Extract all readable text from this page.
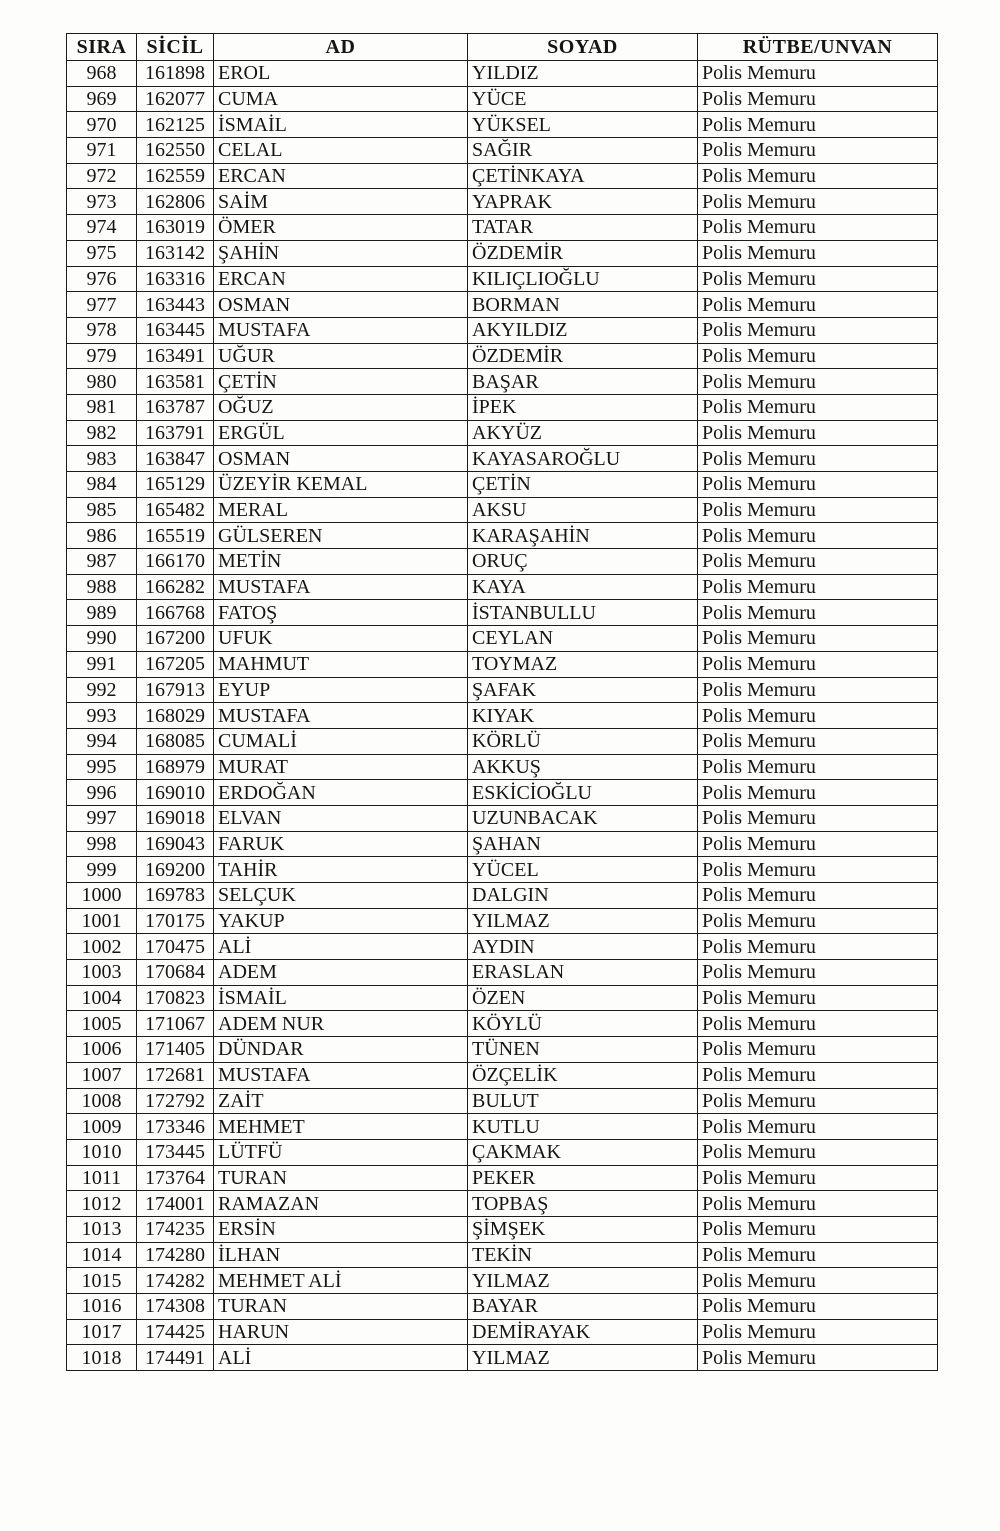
SIRA	SİCİL	AD	SOYAD	RÜTBE/UNVAN
968	161898	EROL	YILDIZ	Polis Memuru
969	162077	CUMA	YÜCE	Polis Memuru
970	162125	İSMAİL	YÜKSEL	Polis Memuru
971	162550	CELAL	SAĞIR	Polis Memuru
972	162559	ERCAN	ÇETİNKAYA	Polis Memuru
973	162806	SAİM	YAPRAK	Polis Memuru
974	163019	ÖMER	TATAR	Polis Memuru
975	163142	ŞAHİN	ÖZDEMİR	Polis Memuru
976	163316	ERCAN	KILIÇLIOĞLU	Polis Memuru
977	163443	OSMAN	BORMAN	Polis Memuru
978	163445	MUSTAFA	AKYILDIZ	Polis Memuru
979	163491	UĞUR	ÖZDEMİR	Polis Memuru
980	163581	ÇETİN	BAŞAR	Polis Memuru
981	163787	OĞUZ	İPEK	Polis Memuru
982	163791	ERGÜL	AKYÜZ	Polis Memuru
983	163847	OSMAN	KAYASAROĞLU	Polis Memuru
984	165129	ÜZEYİR KEMAL	ÇETİN	Polis Memuru
985	165482	MERAL	AKSU	Polis Memuru
986	165519	GÜLSEREN	KARAŞAHİN	Polis Memuru
987	166170	METİN	ORUÇ	Polis Memuru
988	166282	MUSTAFA	KAYA	Polis Memuru
989	166768	FATOŞ	İSTANBULLU	Polis Memuru
990	167200	UFUK	CEYLAN	Polis Memuru
991	167205	MAHMUT	TOYMAZ	Polis Memuru
992	167913	EYUP	ŞAFAK	Polis Memuru
993	168029	MUSTAFA	KIYAK	Polis Memuru
994	168085	CUMALİ	KÖRLÜ	Polis Memuru
995	168979	MURAT	AKKUŞ	Polis Memuru
996	169010	ERDOĞAN	ESKİCİOĞLU	Polis Memuru
997	169018	ELVAN	UZUNBACAK	Polis Memuru
998	169043	FARUK	ŞAHAN	Polis Memuru
999	169200	TAHİR	YÜCEL	Polis Memuru
1000	169783	SELÇUK	DALGIN	Polis Memuru
1001	170175	YAKUP	YILMAZ	Polis Memuru
1002	170475	ALİ	AYDIN	Polis Memuru
1003	170684	ADEM	ERASLAN	Polis Memuru
1004	170823	İSMAİL	ÖZEN	Polis Memuru
1005	171067	ADEM NUR	KÖYLÜ	Polis Memuru
1006	171405	DÜNDAR	TÜNEN	Polis Memuru
1007	172681	MUSTAFA	ÖZÇELİK	Polis Memuru
1008	172792	ZAİT	BULUT	Polis Memuru
1009	173346	MEHMET	KUTLU	Polis Memuru
1010	173445	LÜTFÜ	ÇAKMAK	Polis Memuru
1011	173764	TURAN	PEKER	Polis Memuru
1012	174001	RAMAZAN	TOPBAŞ	Polis Memuru
1013	174235	ERSİN	ŞİMŞEK	Polis Memuru
1014	174280	İLHAN	TEKİN	Polis Memuru
1015	174282	MEHMET ALİ	YILMAZ	Polis Memuru
1016	174308	TURAN	BAYAR	Polis Memuru
1017	174425	HARUN	DEMİRAYAK	Polis Memuru
1018	174491	ALİ	YILMAZ	Polis Memuru
